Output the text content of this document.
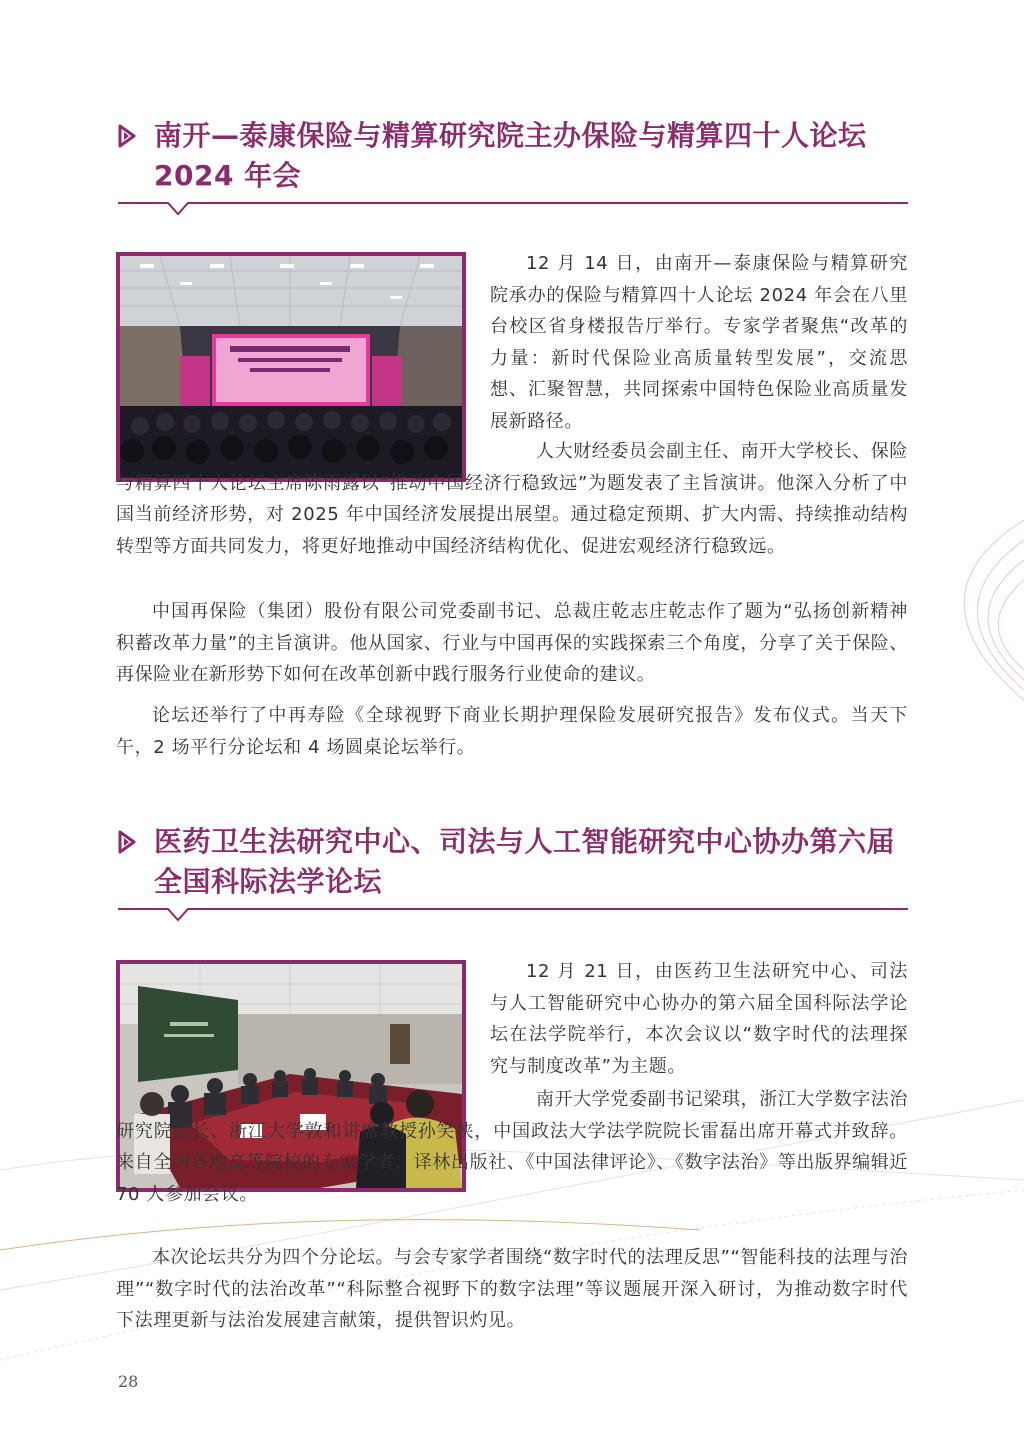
南开—泰康保险与精算研究院主办保险与精算四十人论坛2024 年会

12 月 14 日，由南开—泰康保险与精算研究院承办的保险与精算四十人论坛 2024 年会在八里台校区省身楼报告厅举行。专家学者聚焦“改革的力量：新时代保险业高质量转型发展”，交流思想、汇聚智慧，共同探索中国特色保险业高质量发展新路径。

人大财经委员会副主任、南开大学校长、保险与精算四十人论坛主席陈雨露以“推动中国经济行稳致远”为题发表了主旨演讲。他深入分析了中国当前经济形势，对 2025 年中国经济发展提出展望。通过稳定预期、扩大内需、持续推动结构转型等方面共同发力，将更好地推动中国经济结构优化、促进宏观经济行稳致远。

中国再保险（集团）股份有限公司党委副书记、总裁庄乾志庄乾志作了题为“弘扬创新精神 积蓄改革力量”的主旨演讲。他从国家、行业与中国再保的实践探索三个角度，分享了关于保险、再保险业在新形势下如何在改革创新中践行服务行业使命的建议。

论坛还举行了中再寿险《全球视野下商业长期护理保险发展研究报告》发布仪式。当天下午，2 场平行分论坛和 4 场圆桌论坛举行。

医药卫生法研究中心、司法与人工智能研究中心协办第六届全国科际法学论坛

12 月 21 日，由医药卫生法研究中心、司法与人工智能研究中心协办的第六届全国科际法学论坛在法学院举行，本次会议以“数字时代的法理探究与制度改革”为主题。

南开大学党委副书记梁琪，浙江大学数字法治研究院院长、浙江大学敦和讲席教授孙笑侠，中国政法大学法学院院长雷磊出席开幕式并致辞。来自全国各地高等院校的专家学者，译林出版社、《中国法律评论》、《数字法治》等出版界编辑近 70 人参加会议。

本次论坛共分为四个分论坛。与会专家学者围绕“数字时代的法理反思”“智能科技的法理与治理”“数字时代的法治改革”“科际整合视野下的数字法理”等议题展开深入研讨，为推动数字时代下法理更新与法治发展建言献策，提供智识灼见。

28
